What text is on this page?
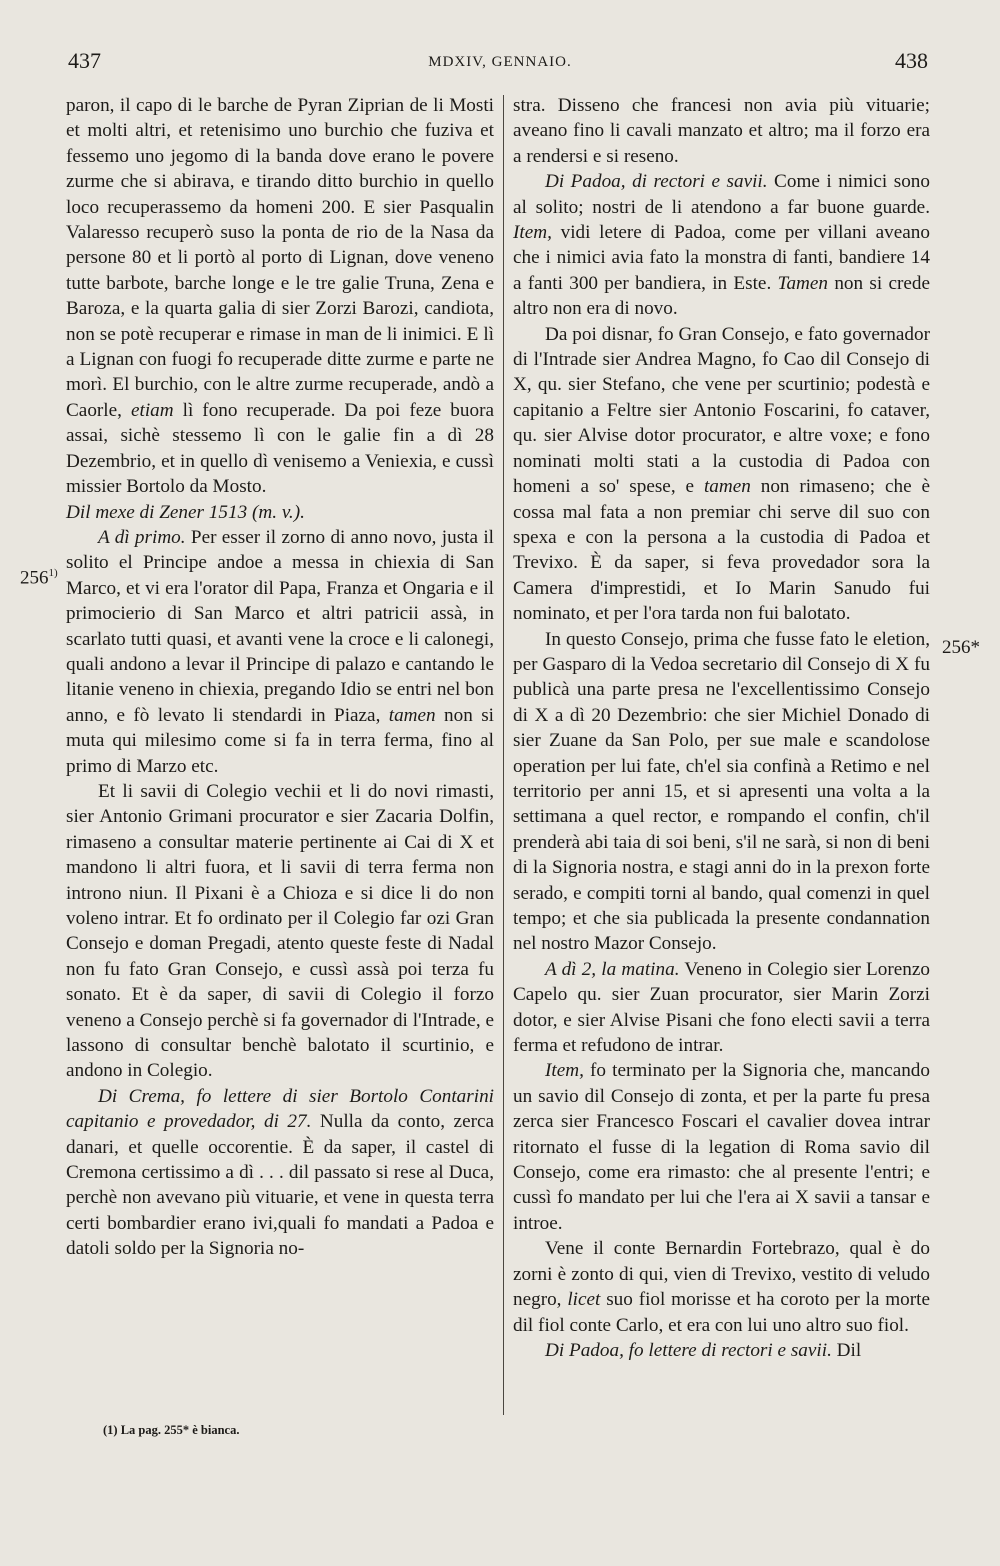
437	MDXIV, GENNAIO.	438
256$^{1)}$
256*

paron, il capo di le barche de Pyran Ziprian de li Mosti et molti altri, et retenisimo uno burchio che fuziva et fessemo uno jegomo di la banda dove erano le povere zurme che si abirava, e tirando ditto burchio in quello loco recuperassemo da homeni 200. E sier Pasqualin Valaresso recuperò suso la ponta de rio de la Nasa da persone 80 et li portò al porto di Lignan, dove veneno tutte barbote, barche longe e le tre galie Truna, Zena e Baroza, e la quarta galia di sier Zorzi Barozi, candiota, non se potè recuperar e rimase in man de li inimici. E lì a Lignan con fuogi fo recuperade ditte zurme e parte ne morì. El burchio, con le altre zurme recuperade, andò a Caorle, etiam lì fono recuperade. Da poi feze buora assai, sichè stessemo lì con le galie fin a dì 28 Dezembrio, et in quello dì venisemo a Veniexia, e cussì missier Bortolo da Mosto.

Dil mexe di Zener 1513 (m. v.).

A dì primo. Per esser il zorno di anno novo, justa il solito el Principe andoe a messa in chiexia di San Marco, et vi era l'orator dil Papa, Franza et Ongaria e il primocierio di San Marco et altri patricii assà, in scarlato tutti quasi, et avanti vene la croce e li calonegi, quali andono a levar il Principe di palazo e cantando le litanie veneno in chiexia, pregando Idio se entri nel bon anno, e fò levato li stendardi in Piaza, tamen non si muta qui milesimo come si fa in terra ferma, fino al primo di Marzo etc.

Et li savii di Colegio vechii et li do novi rimasti, sier Antonio Grimani procurator e sier Zacaria Dolfin, rimaseno a consultar materie pertinente ai Cai di X et mandono li altri fuora, et li savii di terra ferma non introno niun. Il Pixani è a Chioza e si dice li do non voleno intrar. Et fo ordinato per il Colegio far ozi Gran Consejo e doman Pregadi, atento queste feste di Nadal non fu fato Gran Consejo, e cussì assà poi terza fu sonato. Et è da saper, di savii di Colegio il forzo veneno a Consejo perchè si fa governador di l'Intrade, e lassono di consultar benchè balotato il scurtinio, e andono in Colegio.

Di Crema, fo lettere di sier Bortolo Contarini capitanio e provedador, di 27. Nulla da conto, zerca danari, et quelle occorentie. È da saper, il castel di Cremona certissimo a dì . . . dil passato si rese al Duca, perchè non avevano più vituarie, et vene in questa terra certi bombardier erano ivi,quali fo mandati a Padoa e datoli soldo per la Signoria no-

stra. Disseno che francesi non avia più vituarie; aveano fino li cavali manzato et altro; ma il forzo era a rendersi e si reseno.

Di Padoa, di rectori e savii. Come i nimici sono al solito; nostri de li atendono a far buone guarde. Item, vidi letere di Padoa, come per villani aveano che i nimici avia fato la monstra di fanti, bandiere 14 a fanti 300 per bandiera, in Este. Tamen non si crede altro non era di novo.

Da poi disnar, fo Gran Consejo, e fato governador di l'Intrade sier Andrea Magno, fo Cao dil Consejo di X, qu. sier Stefano, che vene per scurtinio; podestà e capitanio a Feltre sier Antonio Foscarini, fo cataver, qu. sier Alvise dotor procurator, e altre voxe; e fono nominati molti stati a la custodia di Padoa con homeni a so' spese, e tamen non rimaseno; che è cossa mal fata a non premiar chi serve dil suo con spexa e con la persona a la custodia di Padoa et Trevixo. È da saper, si feva provedador sora la Camera d'imprestidi, et Io Marin Sanudo fui nominato, et per l'ora tarda non fui balotato.

In questo Consejo, prima che fusse fato le eletion, per Gasparo di la Vedoa secretario dil Consejo di X fu publicà una parte presa ne l'excellentissimo Consejo di X a dì 20 Dezembrio: che sier Michiel Donado di sier Zuane da San Polo, per sue male e scandolose operation per lui fate, ch'el sia confinà a Retimo e nel territorio per anni 15, et si apresenti una volta a la settimana a quel rector, e rompando el confin, ch'il prenderà abi taia di soi beni, s'il ne sarà, si non di beni di la Signoria nostra, e stagi anni do in la prexon forte serado, e compiti torni al bando, qual comenzi in quel tempo; et che sia publicada la presente condannation nel nostro Mazor Consejo.

A dì 2, la matina. Veneno in Colegio sier Lorenzo Capelo qu. sier Zuan procurator, sier Marin Zorzi dotor, e sier Alvise Pisani che fono electi savii a terra ferma et refudono de intrar.

Item, fo terminato per la Signoria che, mancando un savio dil Consejo di zonta, et per la parte fu presa zerca sier Francesco Foscari el cavalier dovea intrar ritornato el fusse di la legation di Roma savio dil Consejo, come era rimasto: che al presente l'entri; e cussì fo mandato per lui che l'era ai X savii a tansar e introe.

Vene il conte Bernardin Fortebrazo, qual è do zorni è zonto di qui, vien di Trevixo, vestito di veludo negro, licet suo fiol morisse et ha coroto per la morte dil fiol conte Carlo, et era con lui uno altro suo fiol.

Di Padoa, fo lettere di rectori e savii. Dil

(1) La pag. 255* è bianca.
